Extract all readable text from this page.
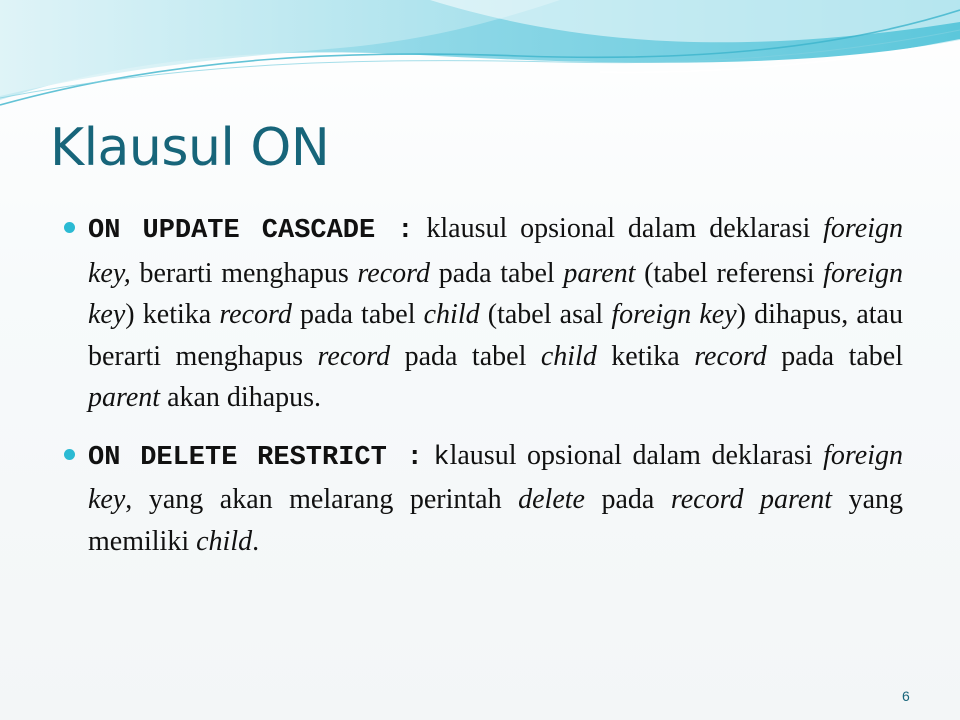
Klausul ON

ON UPDATE CASCADE : klausul opsional dalam deklarasi foreign key, berarti menghapus record pada tabel parent (tabel referensi foreign key) ketika record pada tabel child (tabel asal foreign key) dihapus, atau berarti menghapus record pada tabel child ketika record pada tabel parent akan dihapus.

ON DELETE RESTRICT : klausul opsional dalam deklarasi foreign key, yang akan melarang perintah delete pada record parent yang memiliki child.

6
